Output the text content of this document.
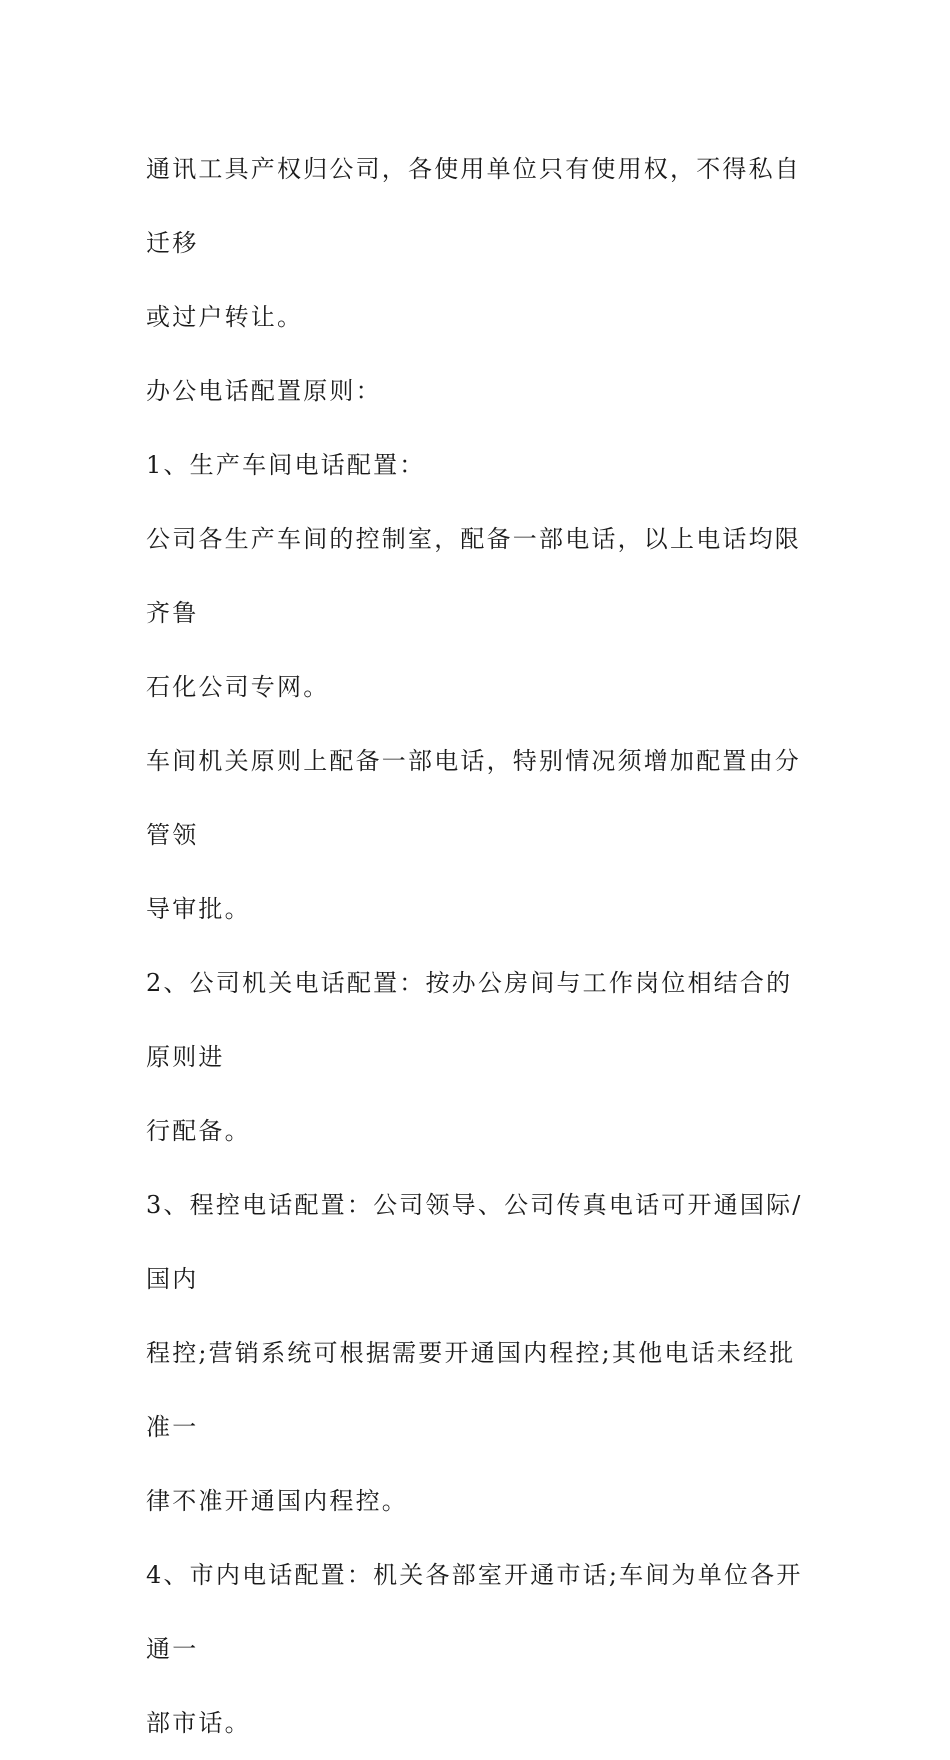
通讯工具产权归公司，各使用单位只有使用权，不得私自迁移
或过户转让。

办公电话配置原则：

1、生产车间电话配置：

公司各生产车间的控制室，配备一部电话，以上电话均限齐鲁
石化公司专网。

车间机关原则上配备一部电话，特别情况须增加配置由分管领
导审批。

2、公司机关电话配置：按办公房间与工作岗位相结合的原则进
行配备。

3、程控电话配置：公司领导、公司传真电话可开通国际/国内
程控;营销系统可根据需要开通国内程控;其他电话未经批准一
律不准开通国内程控。

4、市内电话配置：机关各部室开通市话;车间为单位各开通一
部市话。
